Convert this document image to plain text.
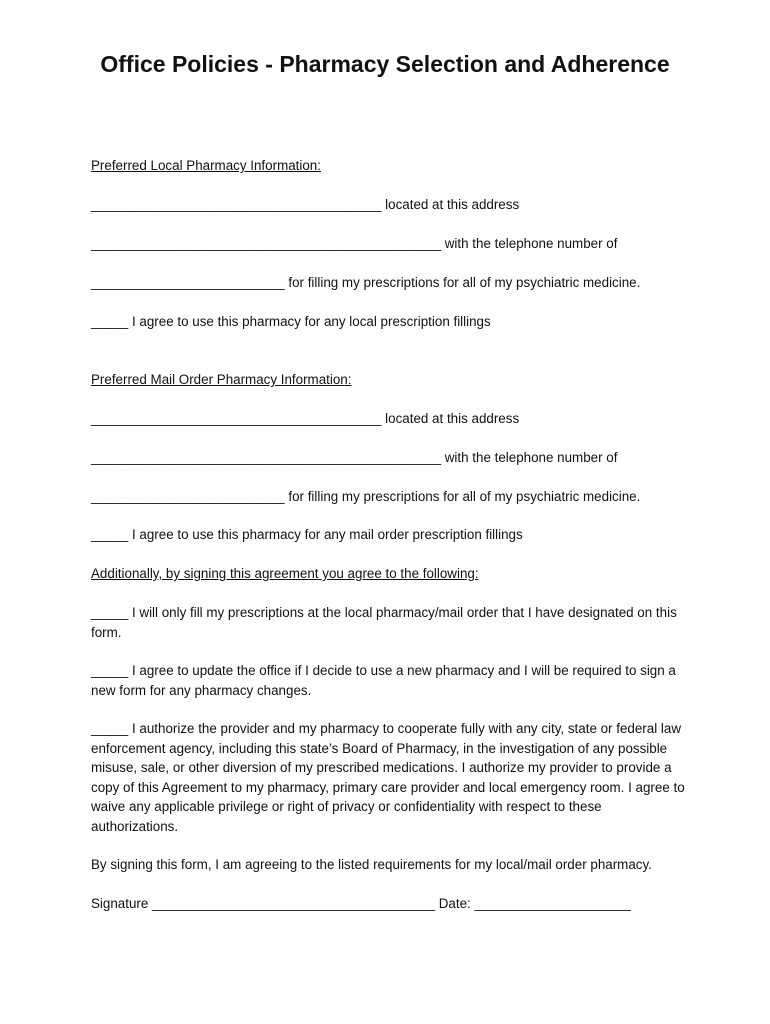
Office Policies - Pharmacy Selection and Adherence
Preferred Local Pharmacy Information:
_______________________________________ located at this address
_______________________________________________ with the telephone number of
__________________________ for filling my prescriptions for all of my psychiatric medicine.
_____ I agree to use this pharmacy for any local prescription fillings
Preferred Mail Order Pharmacy Information:
_______________________________________ located at this address
_______________________________________________ with the telephone number of
__________________________ for filling my prescriptions for all of my psychiatric medicine.
_____ I agree to use this pharmacy for any mail order prescription fillings
Additionally, by signing this agreement you agree to the following:
_____ I will only fill my prescriptions at the local pharmacy/mail order that I have designated on this form.
_____ I agree to update the office if I decide to use a new pharmacy and I will be required to sign a new form for any pharmacy changes.
_____ I authorize the provider and my pharmacy to cooperate fully with any city, state or federal law enforcement agency, including this state’s Board of Pharmacy, in the investigation of any possible misuse, sale, or other diversion of my prescribed medications. I authorize my provider to provide a copy of this Agreement to my pharmacy, primary care provider and local emergency room. I agree to waive any applicable privilege or right of privacy or confidentiality with respect to these authorizations.
By signing this form, I am agreeing to the listed requirements for my local/mail order pharmacy.
Signature ______________________________________ Date: _____________________
